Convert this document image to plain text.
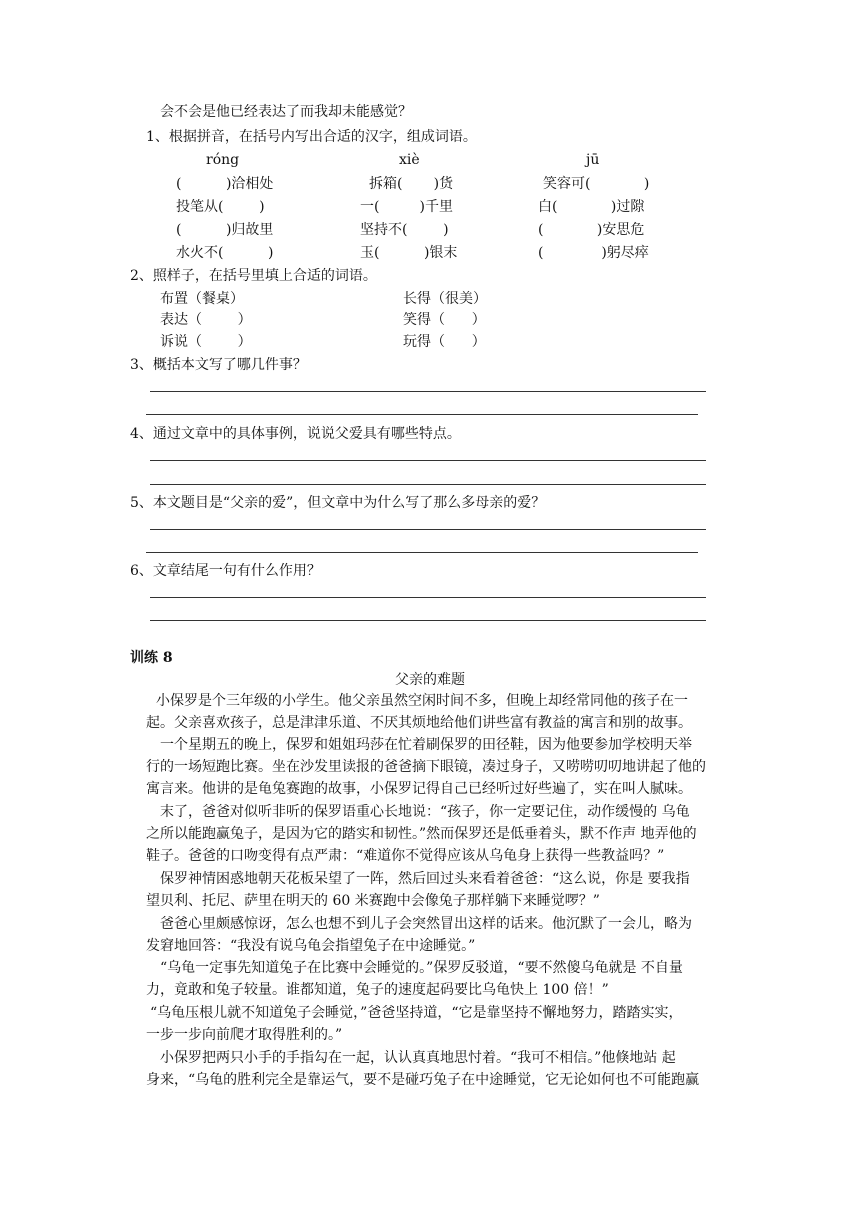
会不会是他已经表达了而我却未能感觉？
1、根据拼音，在括号内写出合适的汉字，组成词语。
róng	xiè	jū
(          )洽相处	拆箱(       )货	笑容可(            )
投笔从(        )	一(         )千里	白(            )过隙
(          )归故里	坚持不(        )	(            )安思危
水火不(          )	玉(          )银末	(             )躬尽瘁
2、照样子，在括号里填上合适的词语。
布置（餐桌）	长得（很美）
表达（        ）	笑得（      ）
诉说（        ）	玩得（      ）
3、概括本文写了哪几件事？
4、通过文章中的具体事例，说说父爱具有哪些特点。
5、本文题目是“父亲的爱”，但文章中为什么写了那么多母亲的爱？
6、文章结尾一句有什么作用？
训练 8
父亲的难题
小保罗是个三年级的小学生。他父亲虽然空闲时间不多，但晚上却经常同他的孩子在一
起。父亲喜欢孩子，总是津津乐道、不厌其烦地给他们讲些富有教益的寓言和别的故事。
一个星期五的晚上，保罗和姐姐玛莎在忙着刷保罗的田径鞋，因为他要参加学校明天举
行的一场短跑比赛。坐在沙发里读报的爸爸摘下眼镜，凑过身子，又唠唠叨叨地讲起了他的
寓言来。他讲的是龟兔赛跑的故事，小保罗记得自己已经听过好些遍了，实在叫人腻味。
末了，爸爸对似听非听的保罗语重心长地说：“孩子，你一定要记住，动作缓慢的 乌龟
之所以能跑赢兔子，是因为它的踏实和韧性。”然而保罗还是低垂着头，默不作声 地弄他的
鞋子。爸爸的口吻变得有点严肃：“难道你不觉得应该从乌龟身上获得一些教益吗？”
保罗神情困惑地朝天花板呆望了一阵，然后回过头来看着爸爸：“这么说，你是 要我指
望贝利、托尼、萨里在明天的 60 米赛跑中会像兔子那样躺下来睡觉啰？”
爸爸心里颇感惊讶，怎么也想不到儿子会突然冒出这样的话来。他沉默了一会儿，略为
发窘地回答：“我没有说乌龟会指望兔子在中途睡觉。”
“乌龟一定事先知道兔子在比赛中会睡觉的。”保罗反驳道，“要不然傻乌龟就是 不自量
力，竟敢和兔子较量。谁都知道，兔子的速度起码要比乌龟快上 100 倍！”
“乌龟压根儿就不知道兔子会睡觉，”爸爸坚持道，“它是靠坚持不懈地努力，踏踏实实，
一步一步向前爬才取得胜利的。”
小保罗把两只小手的手指勾在一起，认认真真地思忖着。“我可不相信。”他倏地站 起
身来，“乌龟的胜利完全是靠运气，要不是碰巧兔子在中途睡觉，它无论如何也不可能跑赢
